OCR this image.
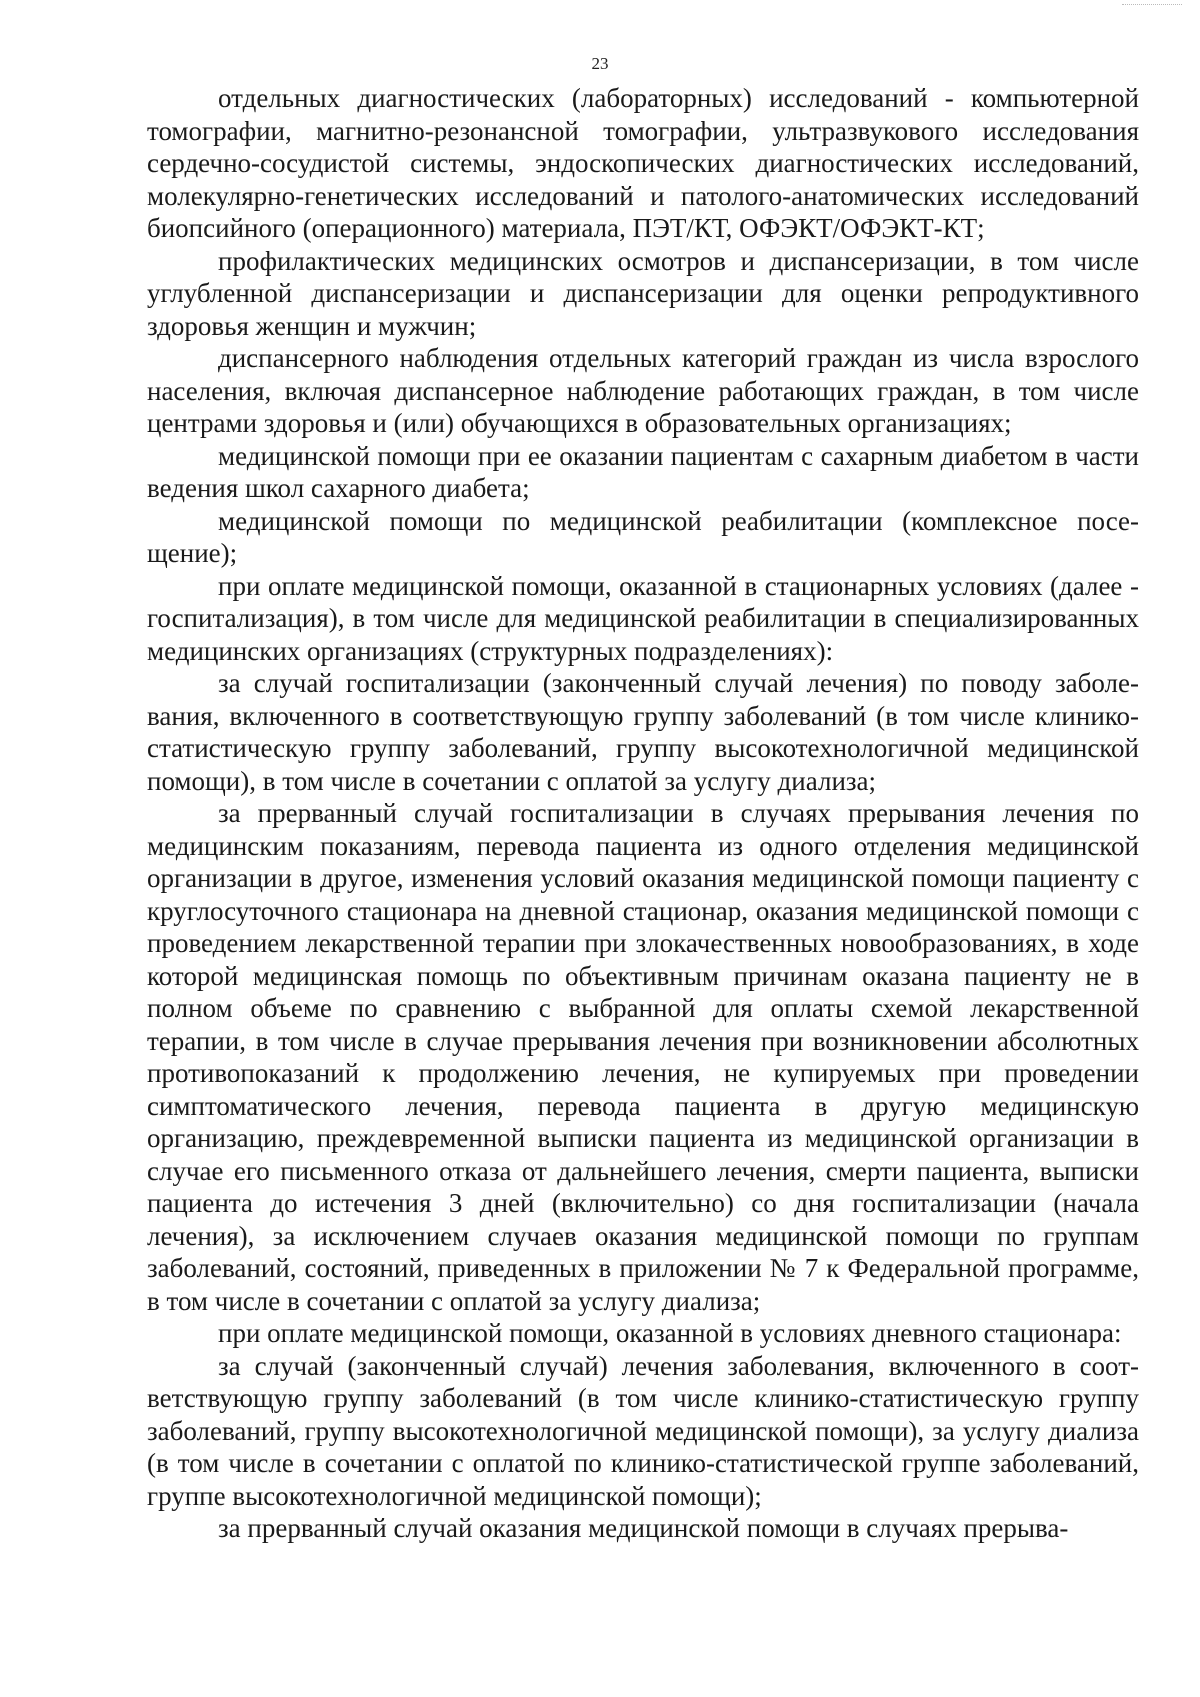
23

отдельных диагностических (лабораторных) исследований - компьютерной томографии, магнитно-резонансной томографии, ультразвукового исследования сердечно-сосудистой системы, эндоскопических диагностических исследований, молекулярно-генетических исследований и патолого-анатомических исследований биопсийного (операционного) материала, ПЭТ/КТ, ОФЭКТ/ОФЭКТ-КТ;

профилактических медицинских осмотров и диспансеризации, в том числе углубленной диспансеризации и диспансеризации для оценки репродуктивного здоровья женщин и мужчин;

диспансерного наблюдения отдельных категорий граждан из числа взрослого населения, включая диспансерное наблюдение работающих граждан, в том числе центрами здоровья и (или) обучающихся в образовательных организациях;

медицинской помощи при ее оказании пациентам с сахарным диабетом в части ведения школ сахарного диабета;

медицинской помощи по медицинской реабилитации (комплексное посещение);

при оплате медицинской помощи, оказанной в стационарных условиях (далее - госпитализация), в том числе для медицинской реабилитации в специализированных медицинских организациях (структурных подразделениях):

за случай госпитализации (законченный случай лечения) по поводу заболевания, включенного в соответствующую группу заболеваний (в том числе клинико-статистическую группу заболеваний, группу высокотехнологичной медицинской помощи), в том числе в сочетании с оплатой за услугу диализа;

за прерванный случай госпитализации в случаях прерывания лечения по медицинским показаниям, перевода пациента из одного отделения медицинской организации в другое, изменения условий оказания медицинской помощи пациенту с круглосуточного стационара на дневной стационар, оказания медицинской помощи с проведением лекарственной терапии при злокачественных новообразованиях, в ходе которой медицинская помощь по объективным причинам оказана пациенту не в полном объеме по сравнению с выбранной для оплаты схемой лекарственной терапии, в том числе в случае прерывания лечения при возникновении абсолютных противопоказаний к продолжению лечения, не купируемых при проведении симптоматического лечения, перевода пациента в другую медицинскую организацию, преждевременной выписки пациента из медицинской организации в случае его письменного отказа от дальнейшего лечения, смерти пациента, выписки пациента до истечения 3 дней (включительно) со дня госпитализации (начала лечения), за исключением случаев оказания медицинской помощи по группам заболеваний, состояний, приведенных в приложении № 7 к Федеральной программе, в том числе в сочетании с оплатой за услугу диализа;

при оплате медицинской помощи, оказанной в условиях дневного стационара:

за случай (законченный случай) лечения заболевания, включенного в соответствующую группу заболеваний (в том числе клинико-статистическую группу заболеваний, группу высокотехнологичной медицинской помощи), за услугу диализа (в том числе в сочетании с оплатой по клинико-статистической группе заболеваний, группе высокотехнологичной медицинской помощи);

за прерванный случай оказания медицинской помощи в случаях прерыва-
